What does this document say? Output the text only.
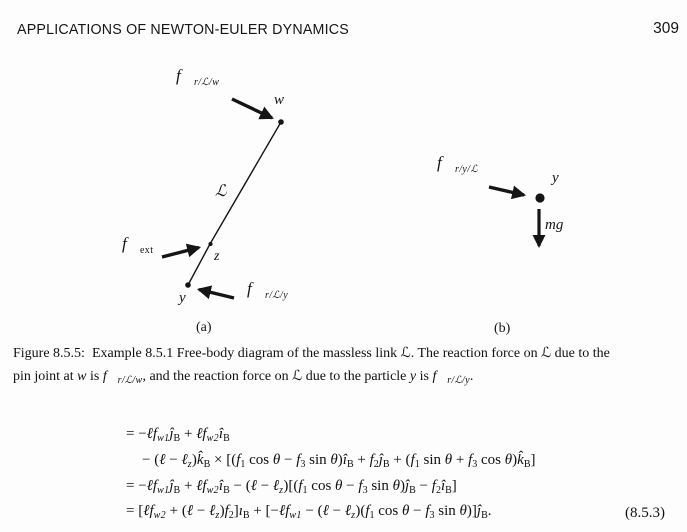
APPLICATIONS OF NEWTON-EULER DYNAMICS	309
$f⃗_{r/ℒ/w}$
w
ℒ
$f⃗_{ext}$	z
y	$f⃗_{r/ℒ/y}$
(a)
$f⃗_{r/y/ℒ}$
y
mg⃗
(b)
Figure 8.5.5:  Example 8.5.1 Free-body diagram of the massless link ℒ. The reaction force on ℒ due to the
pin joint at w is $f⃗_{r/ℒ/w}$, and the reaction force on ℒ due to the particle y is $f⃗_{r/ℒ/y}$.
= $-\ell f_{w1}ĵ_B$ + $\ell f_{w2}î_B$
− (ℓ − $\ell_z)k̂_B \times [(f_1$ $\cos \theta - f_3$ $\sin \theta)î_B$ + $f_2ĵ_B + (f_1$ $\sin \theta + f_3$ $\cos \theta)k̂_B$]
= $-\ell f_{w1}ĵ_B$ + $\ell f_{w2}î_B$ − (ℓ − $\ell_z)[(f_1$ $\cos \theta - f_3$ $\sin \theta)ĵ_B$ − $f_2î_B$]
= [ℓf$_{w2}$ + (ℓ − $\ell_z)f_2]ı_B$ + [−ℓf$_{w1}$ − (ℓ − $\ell_z)(f_1$ $\cos \theta - f_3$ $\sin \theta)]ĵ_B$.	(8.5.3)
